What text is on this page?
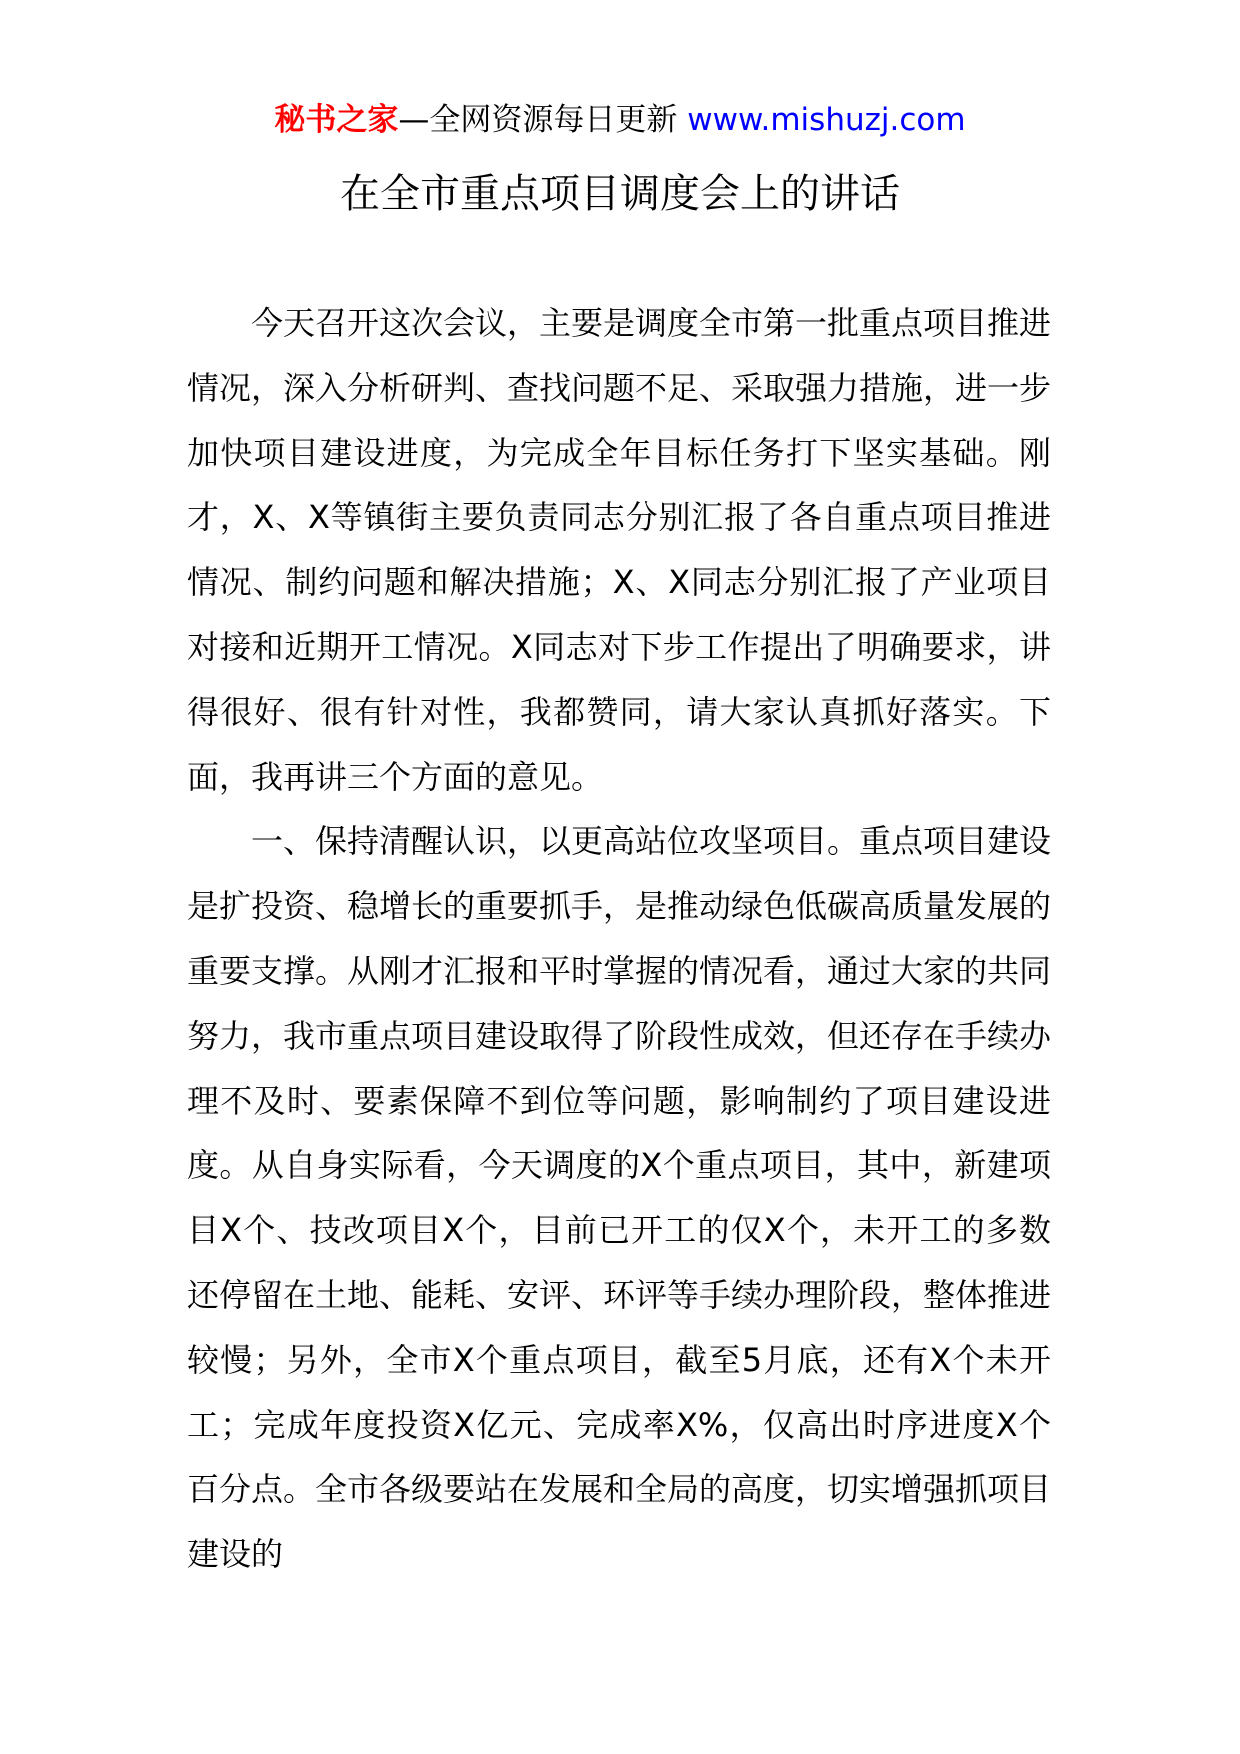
秘书之家—全网资源每日更新 www.mishuzj.com
在全市重点项目调度会上的讲话

今天召开这次会议，主要是调度全市第一批重点项目推进情况，深入分析研判、查找问题不足、采取强力措施，进一步加快项目建设进度，为完成全年目标任务打下坚实基础。刚才，X、X等镇街主要负责同志分别汇报了各自重点项目推进情况、制约问题和解决措施；X、X同志分别汇报了产业项目对接和近期开工情况。X同志对下步工作提出了明确要求，讲得很好、很有针对性，我都赞同，请大家认真抓好落实。下面，我再讲三个方面的意见。

一、保持清醒认识，以更高站位攻坚项目。重点项目建设是扩投资、稳增长的重要抓手，是推动绿色低碳高质量发展的重要支撑。从刚才汇报和平时掌握的情况看，通过大家的共同努力，我市重点项目建设取得了阶段性成效，但还存在手续办理不及时、要素保障不到位等问题，影响制约了项目建设进度。从自身实际看，今天调度的X个重点项目，其中，新建项目X个、技改项目X个，目前已开工的仅X个，未开工的多数还停留在土地、能耗、安评、环评等手续办理阶段，整体推进较慢；另外，全市X个重点项目，截至5月底，还有X个未开工；完成年度投资X亿元、完成率X%，仅高出时序进度X个百分点。全市各级要站在发展和全局的高度，切实增强抓项目建设的
